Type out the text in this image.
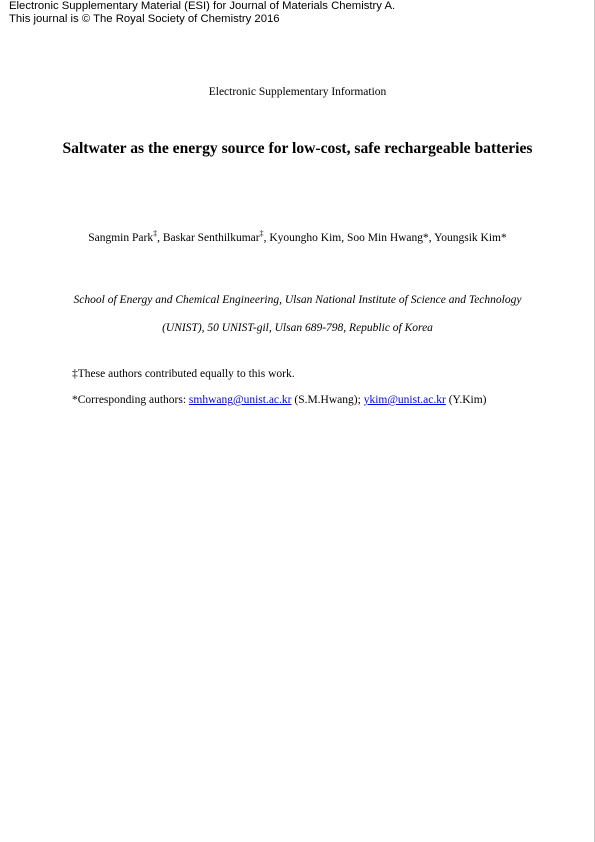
Electronic Supplementary Material (ESI) for Journal of Materials Chemistry A.
This journal is © The Royal Society of Chemistry 2016
Electronic Supplementary Information
Saltwater as the energy source for low-cost, safe rechargeable batteries
Sangmin Park‡, Baskar Senthilkumar‡, Kyoungho Kim, Soo Min Hwang*, Youngsik Kim*
School of Energy and Chemical Engineering, Ulsan National Institute of Science and Technology (UNIST), 50 UNIST-gil, Ulsan 689-798, Republic of Korea
‡These authors contributed equally to this work.
*Corresponding authors: smhwang@unist.ac.kr (S.M.Hwang); ykim@unist.ac.kr (Y.Kim)
